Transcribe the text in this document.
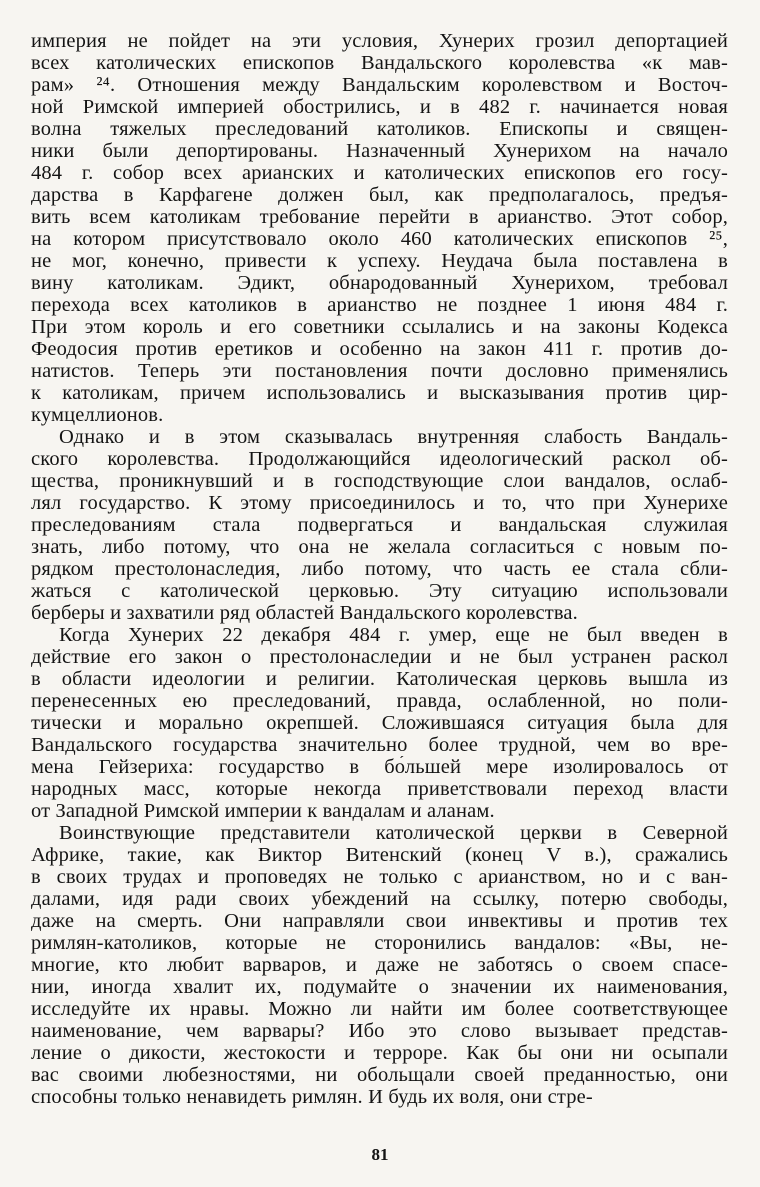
империя не пойдет на эти условия, Хунерих грозил депортацией
всех католических епископов Вандальского королевства «к мав-
рам» ²⁴. Отношения между Вандальским королевством и Восточ-
ной Римской империей обострились, и в 482 г. начинается новая
волна тяжелых преследований католиков. Епископы и священ-
ники были депортированы. Назначенный Хунерихом на начало
484 г. собор всех арианских и католических епископов его госу-
дарства в Карфагене должен был, как предполагалось, предъя-
вить всем католикам требование перейти в арианство. Этот собор,
на котором присутствовало около 460 католических епископов ²⁵,
не мог, конечно, привести к успеху. Неудача была поставлена в
вину католикам. Эдикт, обнародованный Хунерихом, требовал
перехода всех католиков в арианство не позднее 1 июня 484 г.
При этом король и его советники ссылались и на законы Кодекса
Феодосия против еретиков и особенно на закон 411 г. против до-
натистов. Теперь эти постановления почти дословно применялись
к католикам, причем использовались и высказывания против цир-
кумцеллионов.
Однако и в этом сказывалась внутренняя слабость Вандаль-
ского королевства. Продолжающийся идеологический раскол об-
щества, проникнувший и в господствующие слои вандалов, ослаб-
лял государство. К этому присоединилось и то, что при Хунерихе
преследованиям стала подвергаться и вандальская служилая
знать, либо потому, что она не желала согласиться с новым по-
рядком престолонаследия, либо потому, что часть ее стала сбли-
жаться с католической церковью. Эту ситуацию использовали
берберы и захватили ряд областей Вандальского королевства.
Когда Хунерих 22 декабря 484 г. умер, еще не был введен в
действие его закон о престолонаследии и не был устранен раскол
в области идеологии и религии. Католическая церковь вышла из
перенесенных ею преследований, правда, ослабленной, но поли-
тически и морально окрепшей. Сложившаяся ситуация была для
Вандальского государства значительно более трудной, чем во вре-
мена Гейзериха: государство в бо́льшей мере изолировалось от
народных масс, которые некогда приветствовали переход власти
от Западной Римской империи к вандалам и аланам.
Воинствующие представители католической церкви в Северной
Африке, такие, как Виктор Витенский (конец V в.), сражались
в своих трудах и проповедях не только с арианством, но и с ван-
далами, идя ради своих убеждений на ссылку, потерю свободы,
даже на смерть. Они направляли свои инвективы и против тех
римлян-католиков, которые не сторонились вандалов: «Вы, не-
многие, кто любит варваров, и даже не заботясь о своем спасе-
нии, иногда хвалит их, подумайте о значении их наименования,
исследуйте их нравы. Можно ли найти им более соответствующее
наименование, чем варвары? Ибо это слово вызывает представ-
ление о дикости, жестокости и терроре. Как бы они ни осыпали
вас своими любезностями, ни обольщали своей преданностью, они
способны только ненавидеть римлян. И будь их воля, они стре-
81
